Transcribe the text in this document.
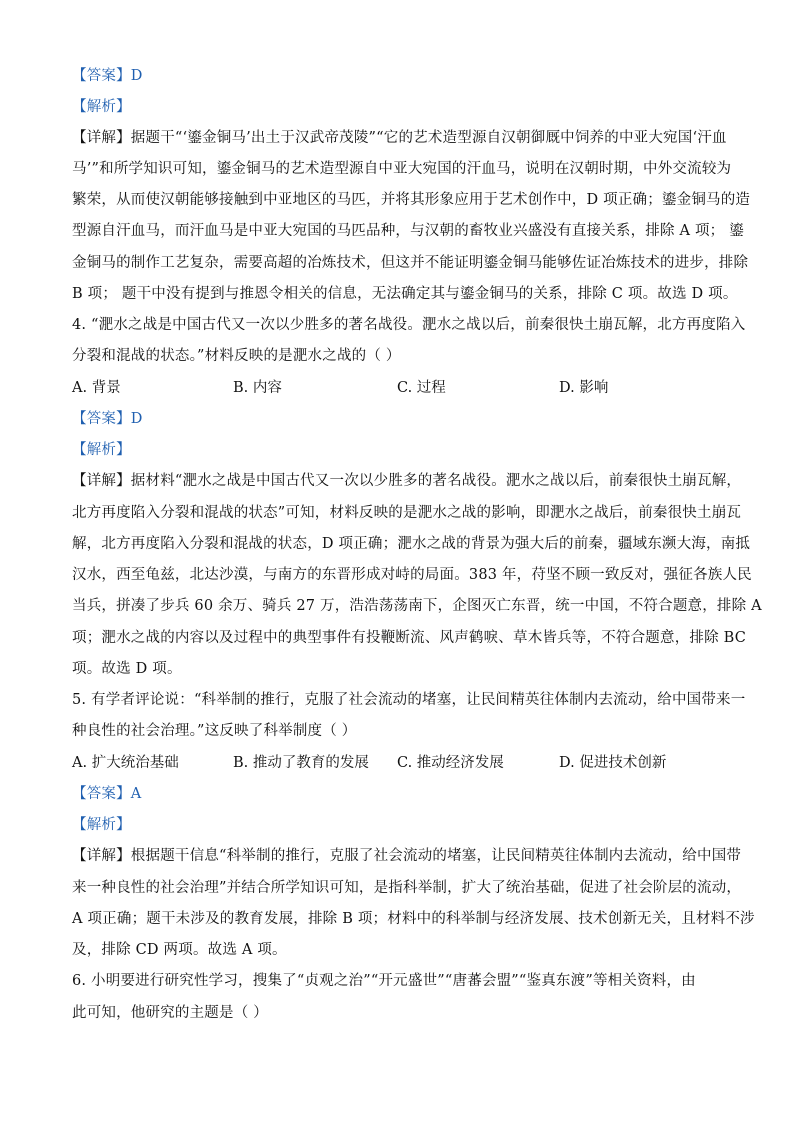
【答案】D
【解析】
【详解】据题干“‘鎏金铜马’出土于汉武帝茂陵”“它的艺术造型源自汉朝御厩中饲养的中亚大宛国‘汗血
马’”和所学知识可知，鎏金铜马的艺术造型源自中亚大宛国的汗血马，说明在汉朝时期，中外交流较为
繁荣，从而使汉朝能够接触到中亚地区的马匹，并将其形象应用于艺术创作中，D 项正确；鎏金铜马的造
型源自汗血马，而汗血马是中亚大宛国的马匹品种，与汉朝的畜牧业兴盛没有直接关系，排除 A 项； 鎏
金铜马的制作工艺复杂，需要高超的冶炼技术，但这并不能证明鎏金铜马能够佐证冶炼技术的进步，排除
B 项； 题干中没有提到与推恩令相关的信息，无法确定其与鎏金铜马的关系，排除 C 项。故选 D 项。
4. “淝水之战是中国古代又一次以少胜多的著名战役。淝水之战以后，前秦很快土崩瓦解，北方再度陷入
分裂和混战的状态。”材料反映的是淝水之战的（ ）
A. 背景	B. 内容	C. 过程	D. 影响
【答案】D
【解析】
【详解】据材料“淝水之战是中国古代又一次以少胜多的著名战役。淝水之战以后，前秦很快土崩瓦解，
北方再度陷入分裂和混战的状态”可知，材料反映的是淝水之战的影响，即淝水之战后，前秦很快土崩瓦
解，北方再度陷入分裂和混战的状态，D 项正确；淝水之战的背景为强大后的前秦，疆域东濒大海，南抵
汉水，西至龟兹，北达沙漠，与南方的东晋形成对峙的局面。383 年，苻坚不顾一致反对，强征各族人民
当兵，拼凑了步兵 60 余万、骑兵 27 万，浩浩荡荡南下，企图灭亡东晋，统一中国，不符合题意，排除 A
项；淝水之战的内容以及过程中的典型事件有投鞭断流、风声鹤唳、草木皆兵等，不符合题意，排除 BC
项。故选 D 项。
5. 有学者评论说：“科举制的推行，克服了社会流动的堵塞，让民间精英往体制内去流动，给中国带来一
种良性的社会治理。”这反映了科举制度（ ）
A. 扩大统治基础	B. 推动了教育的发展 C. 推动经济发展	D. 促进技术创新
【答案】A
【解析】
【详解】根据题干信息“科举制的推行，克服了社会流动的堵塞，让民间精英往体制内去流动，给中国带
来一种良性的社会治理”并结合所学知识可知，是指科举制，扩大了统治基础，促进了社会阶层的流动，
A 项正确；题干未涉及的教育发展，排除 B 项；材料中的科举制与经济发展、技术创新无关，且材料不涉
及，排除 CD 两项。故选 A 项。
6. 小明要进行研究性学习，搜集了“贞观之治”“开元盛世”“唐蕃会盟”“鉴真东渡”等相关资料，由
此可知，他研究的主题是（ ）
